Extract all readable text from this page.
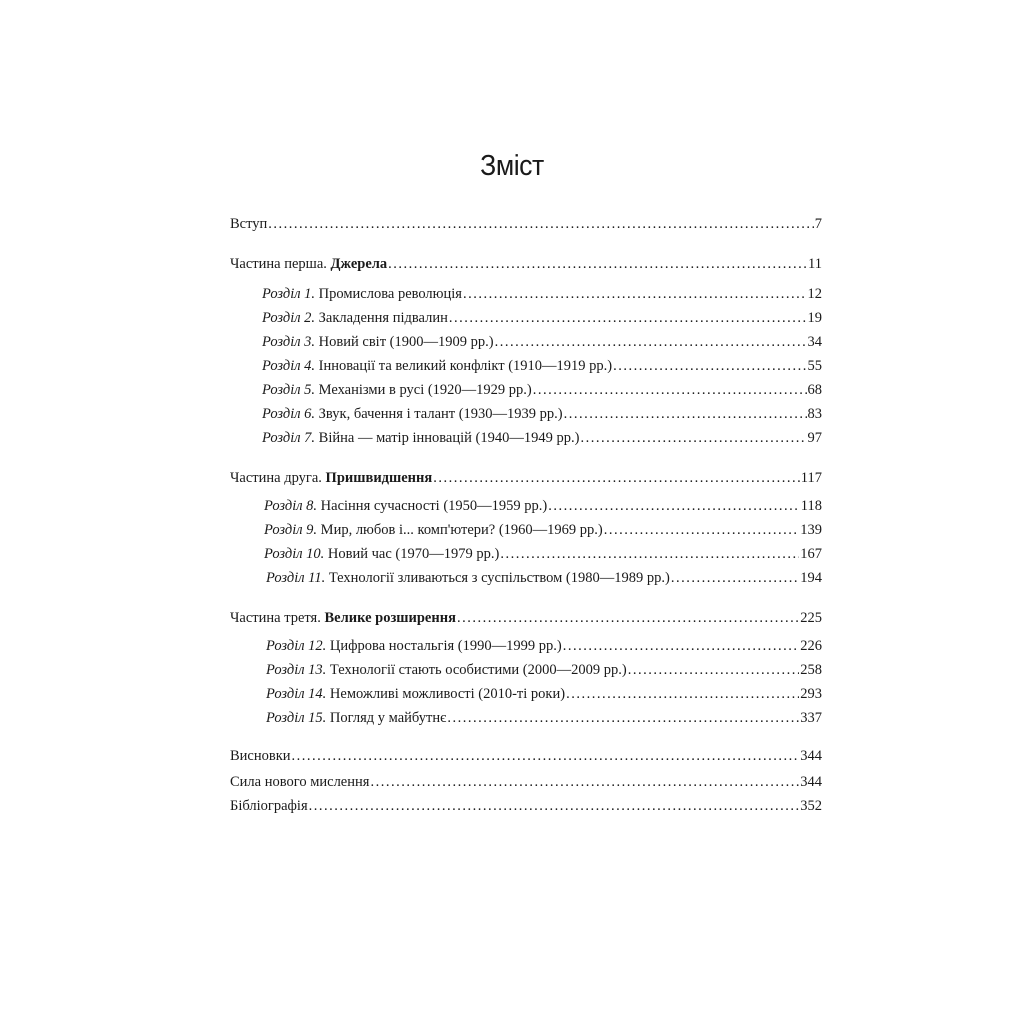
Зміст
Вступ .....	7
Частина перша. Джерела .....	11
Розділ 1. Промислова революція .....	12
Розділ 2. Закладення підвалин .....	19
Розділ 3. Новий світ (1900—1909 рр.) .....	34
Розділ 4. Інновації та великий конфлікт (1910—1919 рр.) .....	55
Розділ 5. Механізми в русі (1920—1929 рр.) .....	68
Розділ 6. Звук, бачення і талант (1930—1939 рр.) .....	83
Розділ 7. Війна — матір інновацій (1940—1949 рр.) .....	97
Частина друга. Пришвидшення .....	117
Розділ 8. Насіння сучасності (1950—1959 рр.) .....	118
Розділ 9. Мир, любов і... комп'ютери? (1960—1969 рр.) .....	139
Розділ 10. Новий час (1970—1979 рр.) .....	167
Розділ 11. Технології зливаються з суспільством (1980—1989 рр.) .....	194
Частина третя. Велике розширення .....	225
Розділ 12. Цифрова ностальгія (1990—1999 рр.) .....	226
Розділ 13. Технології стають особистими (2000—2009 рр.) .....	258
Розділ 14. Неможливі можливості (2010-ті роки) .....	293
Розділ 15. Погляд у майбутнє .....	337
Висновки .....	344
Сила нового мислення .....	344
Бібліографія .....	352
